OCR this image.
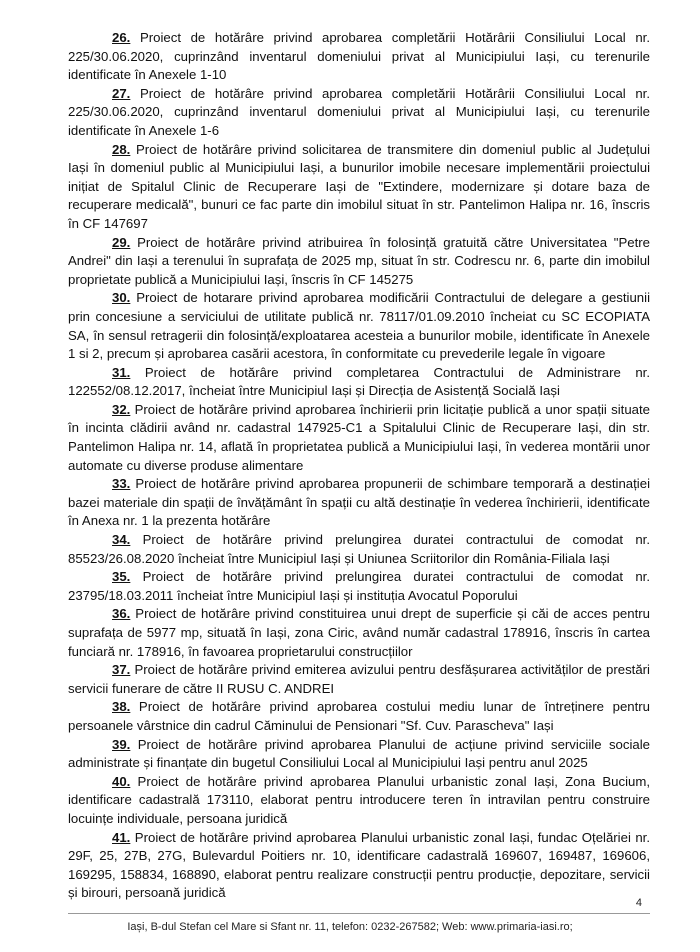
26. Proiect de hotărâre privind aprobarea completării Hotărârii Consiliului Local nr. 225/30.06.2020, cuprinzând inventarul domeniului privat al Municipiului Iași, cu terenurile identificate în Anexele 1-10

27. Proiect de hotărâre privind aprobarea completării Hotărârii Consiliului Local nr. 225/30.06.2020, cuprinzând inventarul domeniului privat al Municipiului Iași, cu terenurile identificate în Anexele 1-6

28. Proiect de hotărâre privind solicitarea de transmitere din domeniul public al Județului Iași în domeniul public al Municipiului Iași, a bunurilor imobile necesare implementării proiectului inițiat de Spitalul Clinic de Recuperare Iași de "Extindere, modernizare și dotare baza de recuperare medicală", bunuri ce fac parte din imobilul situat în str. Pantelimon Halipa nr. 16, înscris în CF 147697

29. Proiect de hotărâre privind atribuirea în folosință gratuită către Universitatea "Petre Andrei" din Iași a terenului în suprafața de 2025 mp, situat în str. Codrescu nr. 6, parte din imobilul proprietate publică a Municipiului Iași, înscris în CF 145275

30. Proiect de hotarare privind aprobarea modificării Contractului de delegare a gestiunii prin concesiune a serviciului de utilitate publică nr. 78117/01.09.2010 încheiat cu SC ECOPIATA SA, în sensul retragerii din folosință/exploatarea acesteia a bunurilor mobile, identificate în Anexele 1 si 2, precum și aprobarea casării acestora, în conformitate cu prevederile legale în vigoare

31. Proiect de hotărâre privind completarea Contractului de Administrare nr. 122552/08.12.2017, încheiat între Municipiul Iași și Direcția de Asistență Socială Iași

32. Proiect de hotărâre privind aprobarea închirierii prin licitație publică a unor spații situate în incinta clădirii având nr. cadastral 147925-C1 a Spitalului Clinic de Recuperare Iași, din str. Pantelimon Halipa nr. 14, aflată în proprietatea publică a Municipiului Iași, în vederea montării unor automate cu diverse produse alimentare

33. Proiect de hotărâre privind aprobarea propunerii de schimbare temporară a destinației bazei materiale din spații de învățământ în spații cu altă destinație în vederea închirierii, identificate în Anexa nr. 1 la prezenta hotărâre

34. Proiect de hotărâre privind prelungirea duratei contractului de comodat nr. 85523/26.08.2020 încheiat între Municipiul Iași și Uniunea Scriitorilor din România-Filiala Iași

35. Proiect de hotărâre privind prelungirea duratei contractului de comodat nr. 23795/18.03.2011 încheiat între Municipiul Iași și instituția Avocatul Poporului

36. Proiect de hotărâre privind constituirea unui drept de superficie și căi de acces pentru suprafața de 5977 mp, situată în Iași, zona Ciric, având număr cadastral 178916, înscris în cartea funciară nr. 178916, în favoarea proprietarului construcțiilor

37. Proiect de hotărâre privind emiterea avizului pentru desfășurarea activităților de prestări servicii funerare de către II RUSU C. ANDREI

38. Proiect de hotărâre privind aprobarea costului mediu lunar de întreținere pentru persoanele vârstnice din cadrul Căminului de Pensionari "Sf. Cuv. Parascheva" Iași

39. Proiect de hotărâre privind aprobarea Planului de acțiune privind serviciile sociale administrate și finanțate din bugetul Consiliului Local al Municipiului Iași pentru anul 2025

40. Proiect de hotărâre privind aprobarea Planului urbanistic zonal Iași, Zona Bucium, identificare cadastrală 173110, elaborat pentru introducere teren în intravilan pentru construire locuințe individuale, persoana juridică

41. Proiect de hotărâre privind aprobarea Planului urbanistic zonal Iași, fundac Oțelăriei nr. 29F, 25, 27B, 27G, Bulevardul Poitiers nr. 10, identificare cadastrală 169607, 169487, 169606, 169295, 158834, 168890, elaborat pentru realizare construcții pentru producție, depozitare, servicii și birouri, persoană juridică

4
Iași, B-dul Stefan cel Mare si Sfant nr. 11, telefon: 0232-267582; Web: www.primaria-iasi.ro;
